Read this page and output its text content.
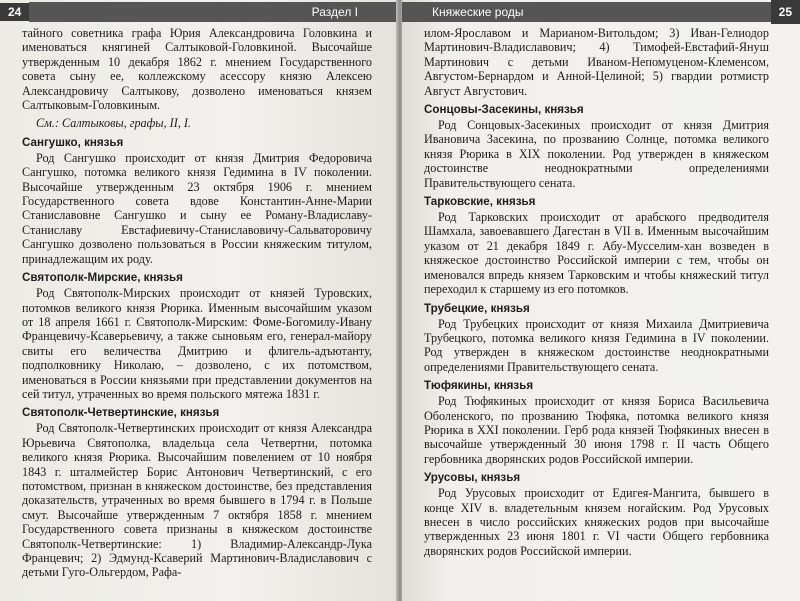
24	Раздел I

тайного советника графа Юрия Александровича Головкина и именоваться княгиней Салтыковой-Головкиной. Высочайше утвержденным 10 декабря 1862 г. мнением Государственного совета сыну ее, коллежскому асессору князю Алексею Александровичу Салтыкову, дозволено именоваться князем Салтыковым-Головкиным.

См.: Салтыковы, графы, II, I.

Сангушко, князья

Род Сангушко происходит от князя Дмитрия Федоровича Сангушко, потомка великого князя Гедимина в IV поколении. Высочайше утвержденным 23 октября 1906 г. мнением Государственного совета вдове Константин-Анне-Марии Станиславовне Сангушко и сыну ее Роману-Владиславу-Станиславу Евстафиевичу-Станиславовичу-Сальваторовичу Сангушко дозволено пользоваться в России княжеским титулом, принадлежащим их роду.

Святополк-Мирские, князья

Род Святополк-Мирских происходит от князей Туровских, потомков великого князя Рюрика. Именным высочайшим указом от 18 апреля 1661 г. Святополк-Мирским: Фоме-Богомилу-Ивану Францевичу-Ксаверьевичу, а также сыновьям его, генерал-майору свиты его величества Дмитрию и флигель-адъютанту, подполковнику Николаю, – дозволено, с их потомством, именоваться в России князьями при представлении документов на сей титул, утраченных во время польского мятежа 1831 г.

Святополк-Четвертинские, князья

Род Святополк-Четвертинских происходит от князя Александра Юрьевича Святополка, владельца села Четвертни, потомка великого князя Рюрика. Высочайшим повелением от 10 ноября 1843 г. шталмейстер Борис Антонович Четвертинский, с его потомством, признан в княжеском достоинстве, без представления доказательств, утраченных во время бывшего в 1794 г. в Польше смут. Высочайше утвержденным 7 октября 1858 г. мнением Государственного совета признаны в княжеском достоинстве Святополк-Четвертинские: 1) Владимир-Александр-Лука Францевич; 2) Эдмунд-Ксаверий Мартинович-Владиславович с детьми Гуго-Ольгердом, Рафа-

Княжеские роды	25

илом-Ярославом и Марианом-Витольдом; 3) Иван-Гелиодор Мартинович-Владиславович; 4) Тимофей-Евстафий-Януш Мартинович с детьми Иваном-Непомуценом-Клеменсом, Августом-Бернардом и Анной-Целиной; 5) гвардии ротмистр Август Августович.

Сонцовы-Засекины, князья

Род Сонцовых-Засекиных происходит от князя Дмитрия Ивановича Засекина, по прозванию Солнце, потомка великого князя Рюрика в XIX поколении. Род утвержден в княжеском достоинстве неоднократными определениями Правительствующего сената.

Тарковские, князья

Род Тарковских происходит от арабского предводителя Шамхала, завоевавшего Дагестан в VII в. Именным высочайшим указом от 21 декабря 1849 г. Абу-Мусселим-хан возведен в княжеское достоинство Российской империи с тем, чтобы он именовался впредь князем Тарковским и чтобы княжеский титул переходил к старшему из его потомков.

Трубецкие, князья

Род Трубецких происходит от князя Михаила Дмитриевича Трубецкого, потомка великого князя Гедимина в IV поколении. Род утвержден в княжеском достоинстве неоднократными определениями Правительствующего сената.

Тюфякины, князья

Род Тюфякиных происходит от князя Бориса Васильевича Оболенского, по прозванию Тюфяка, потомка великого князя Рюрика в XXI поколении. Герб рода князей Тюфякиных внесен в высочайше утвержденный 30 июня 1798 г. II часть Общего гербовника дворянских родов Российской империи.

Урусовы, князья

Род Урусовых происходит от Едигея-Мангита, бывшего в конце XIV в. владетельным князем ногайским. Род Урусовых внесен в число российских княжеских родов при высочайше утвержденных 23 июня 1801 г. VI части Общего гербовника дворянских родов Российской империи.
